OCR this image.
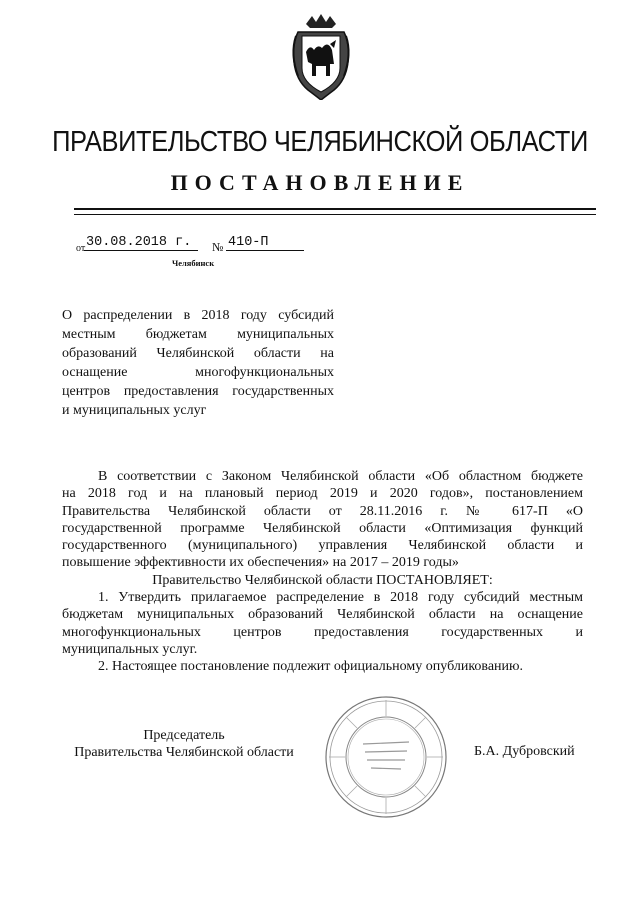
ПРАВИТЕЛЬСТВО ЧЕЛЯБИНСКОЙ ОБЛАСТИ
ПОСТАНОВЛЕНИЕ
от 30.08.2018 г.	№ 410-П
Челябинск
О распределении в 2018 году субсидий
местным бюджетам муниципальных
образований Челябинской области на
оснащение многофункциональных
центров предоставления государственных
и муниципальных услуг
В соответствии с Законом Челябинской области «Об областном бюджете
на 2018 год и на плановый период 2019 и 2020 годов», постановлением
Правительства Челябинской области от 28.11.2016 г. № 617-П «О
государственной программе Челябинской области «Оптимизация функций
государственного (муниципального) управления Челябинской области и
повышение эффективности их обеспечения» на 2017 – 2019 годы»
Правительство Челябинской области ПОСТАНОВЛЯЕТ:
1. Утвердить прилагаемое распределение в 2018 году субсидий местным
бюджетам муниципальных образований Челябинской области на оснащение
многофункциональных центров предоставления государственных и
муниципальных услуг.
2. Настоящее постановление подлежит официальному опубликованию.
Председатель
Правительства Челябинской области	Б.А. Дубровский
